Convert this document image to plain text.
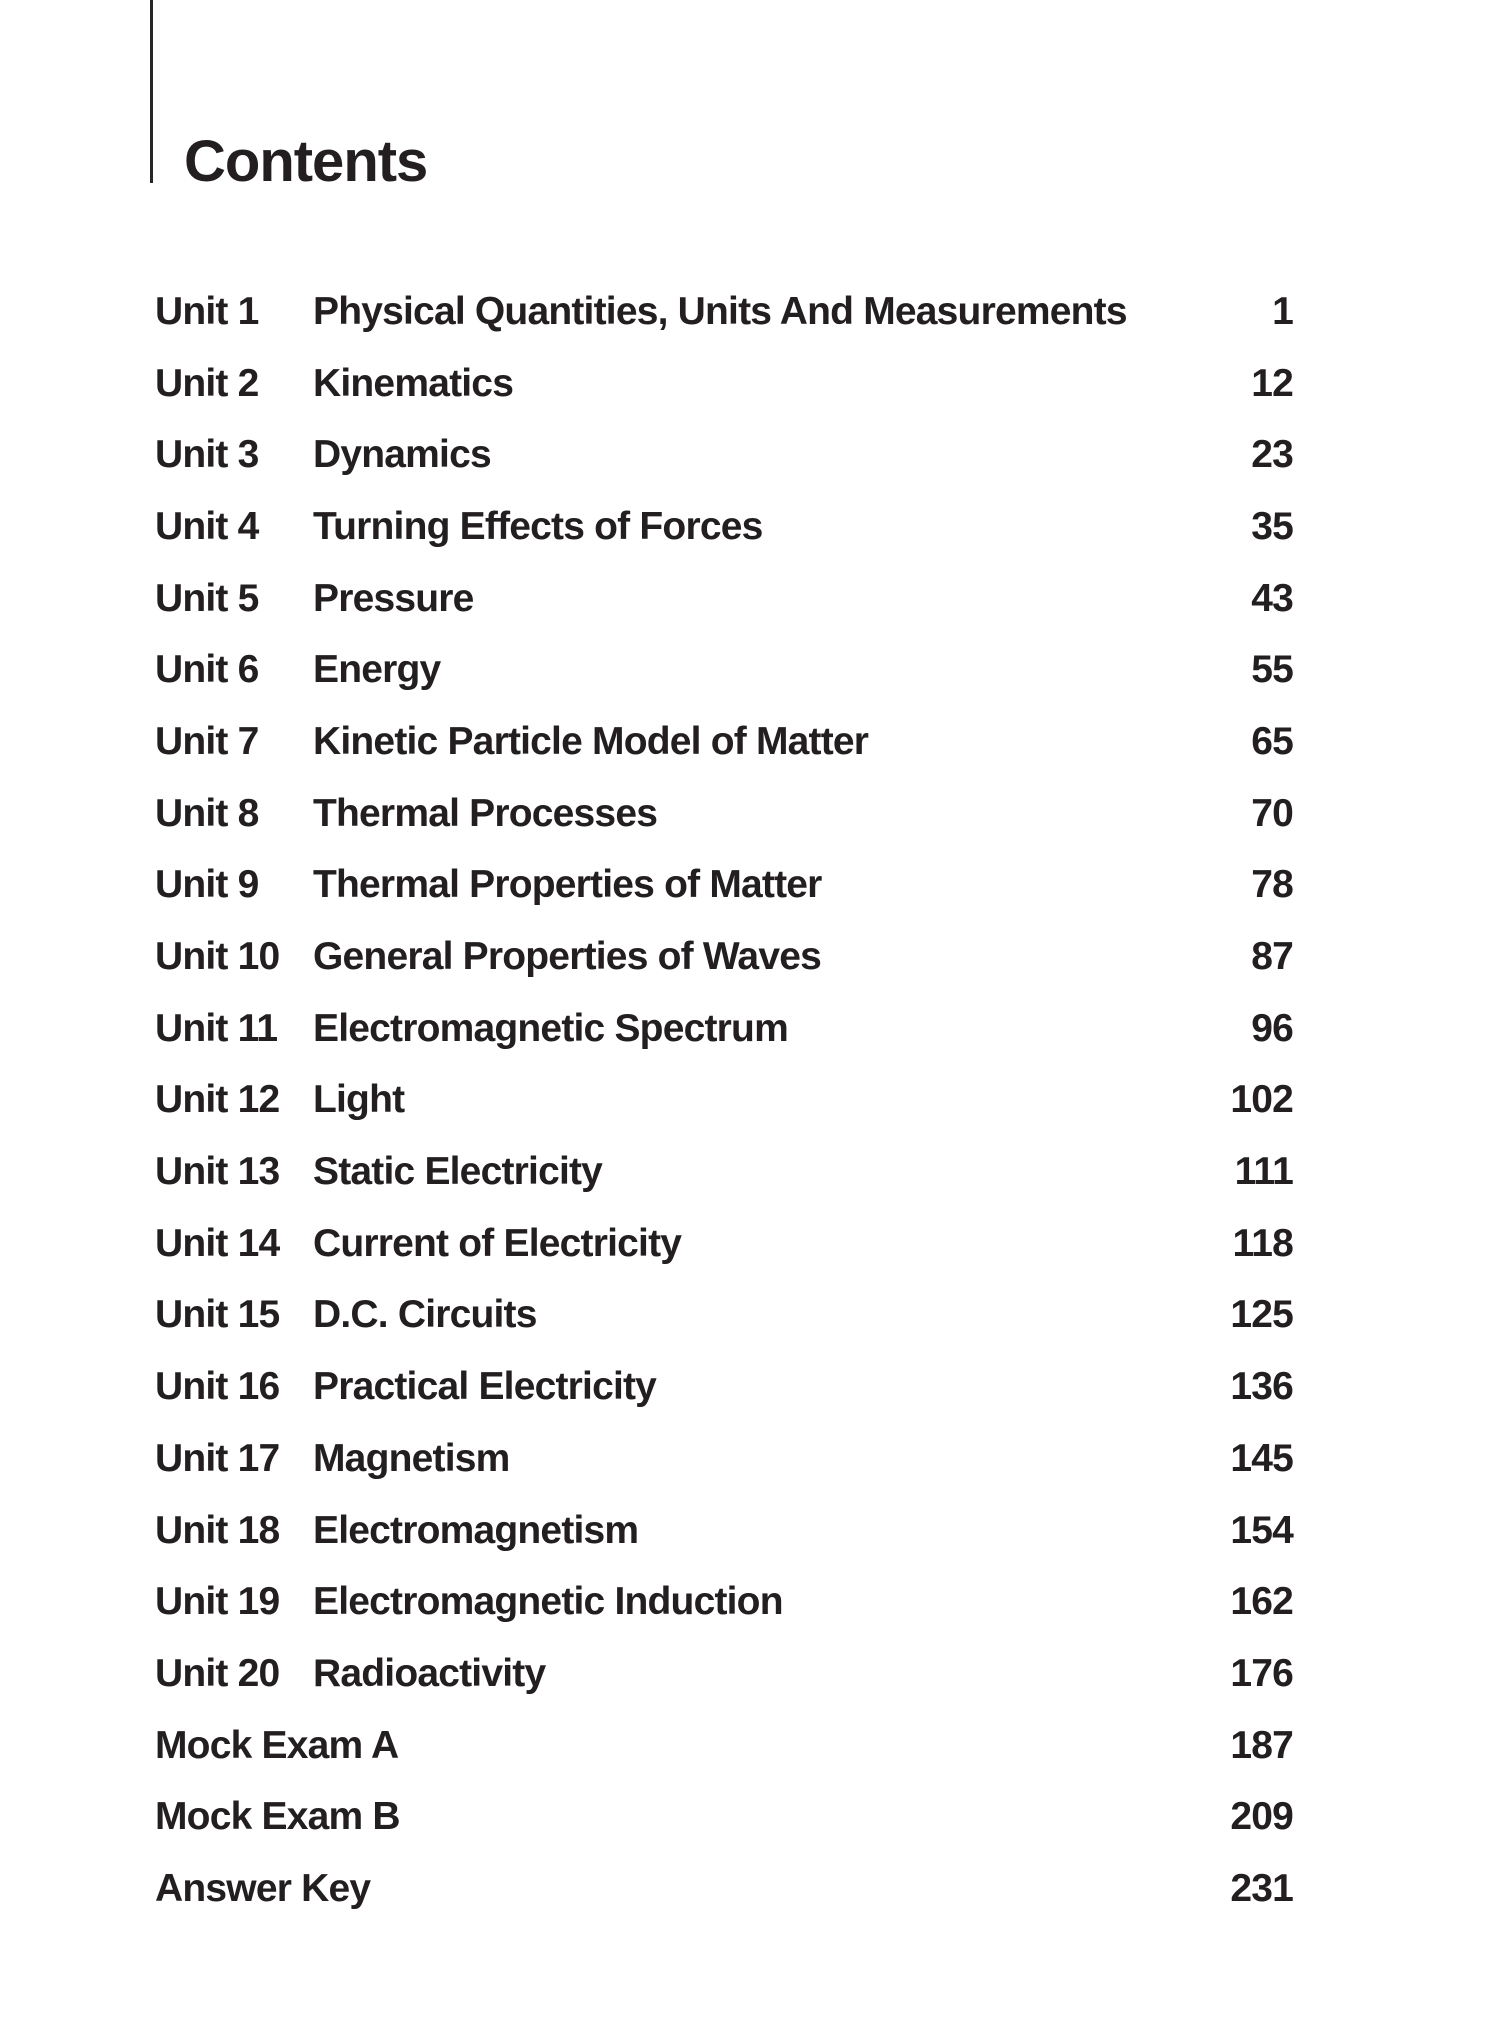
Contents
Unit 1	Physical Quantities, Units And Measurements	1
Unit 2	Kinematics	12
Unit 3	Dynamics	23
Unit 4	Turning Effects of Forces	35
Unit 5	Pressure	43
Unit 6	Energy	55
Unit 7	Kinetic Particle Model of Matter	65
Unit 8	Thermal Processes	70
Unit 9	Thermal Properties of Matter	78
Unit 10 General Properties of Waves	87
Unit 11 Electromagnetic Spectrum	96
Unit 12 Light	102
Unit 13 Static Electricity	111
Unit 14 Current of Electricity	118
Unit 15 D.C. Circuits	125
Unit 16 Practical Electricity	136
Unit 17 Magnetism	145
Unit 18 Electromagnetism	154
Unit 19 Electromagnetic Induction	162
Unit 20 Radioactivity	176
Mock Exam A	187
Mock Exam B	209
Answer Key	231
